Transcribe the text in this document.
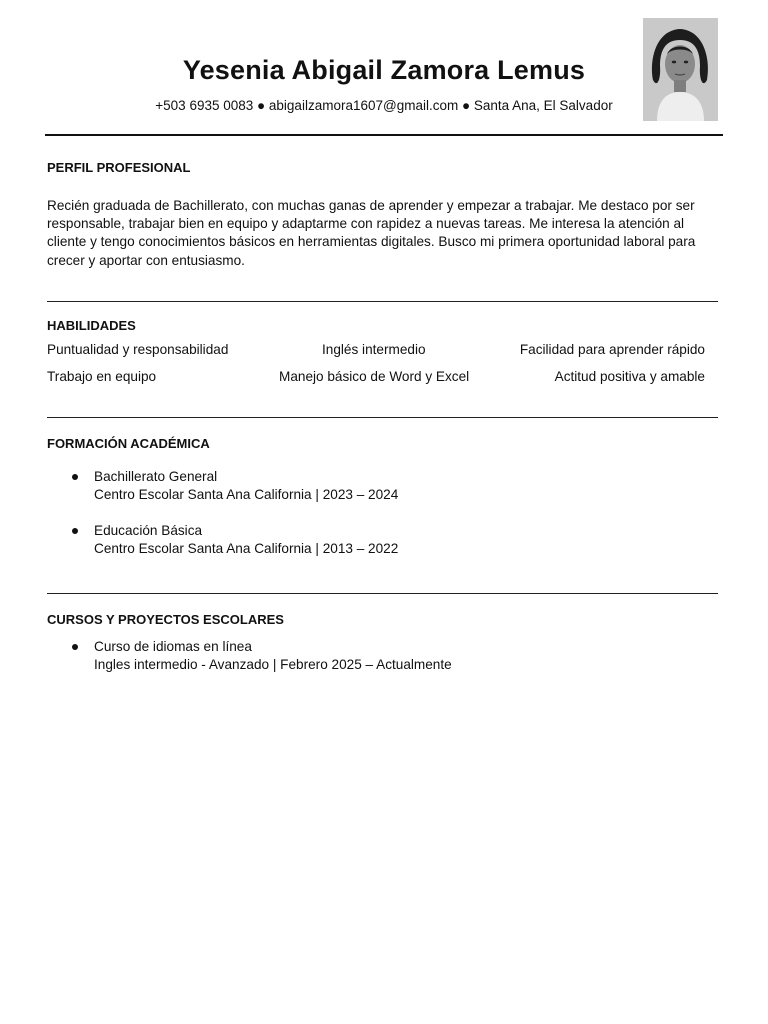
Yesenia Abigail Zamora Lemus
+503 6935 0083 ● abigailzamora1607@gmail.com ● Santa Ana, El Salvador
PERFIL PROFESIONAL

Recién graduada de Bachillerato, con muchas ganas de aprender y empezar a trabajar. Me destaco por ser responsable, trabajar bien en equipo y adaptarme con rapidez a nuevas tareas. Me interesa la atención al cliente y tengo conocimientos básicos en herramientas digitales. Busco mi primera oportunidad laboral para crecer y aportar con entusiasmo.

HABILIDADES
Puntualidad y responsabilidad	Inglés intermedio	Facilidad para aprender rápido
Trabajo en equipo	Manejo básico de Word y Excel	Actitud positiva y amable
FORMACIÓN ACADÉMICA
Bachillerato General
Centro Escolar Santa Ana California | 2023 – 2024
Educación Básica
Centro Escolar Santa Ana California | 2013 – 2022
CURSOS Y PROYECTOS ESCOLARES
Curso de idiomas en línea
Ingles intermedio - Avanzado | Febrero 2025 – Actualmente
